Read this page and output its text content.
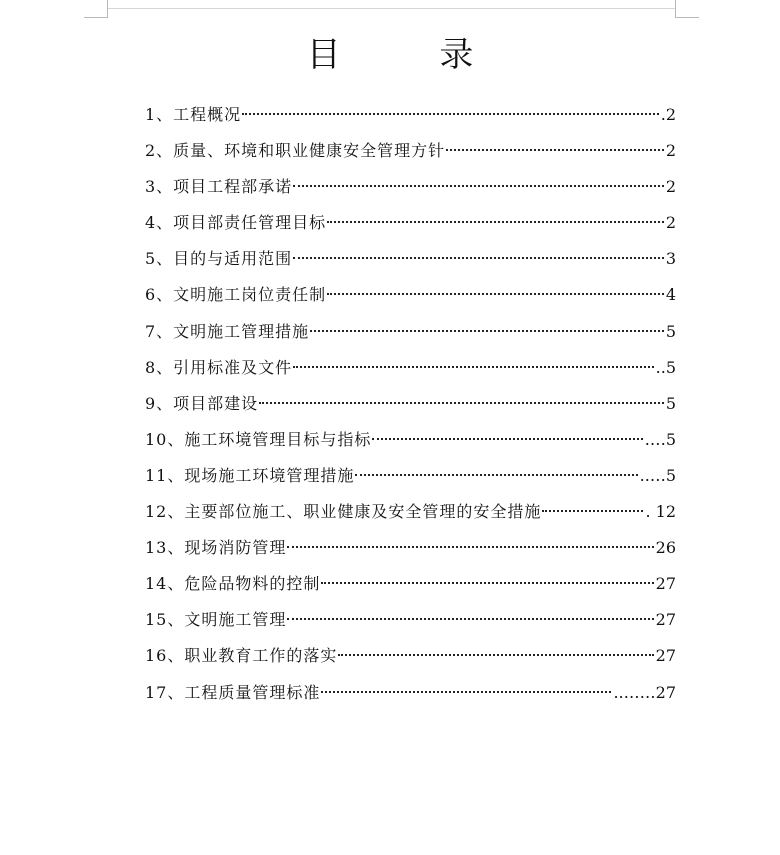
目 录
1、工程概况	.2
2、质量、环境和职业健康安全管理方针	2
3、项目工程部承诺	2
4、项目部责任管理目标	2
5、目的与适用范围	3
6、文明施工岗位责任制	4
7、文明施工管理措施	5
8、引用标准及文件	..5
9、项目部建设	5
10、施工环境管理目标与指标	.…5
11、现场施工环境管理措施	..…5
12、主要部位施工、职业健康及安全管理的安全措施	. 12
13、现场消防管理	26
14、危险品物料的控制	27
15、文明施工管理	27
16、职业教育工作的落实	27
17、工程质量管理标准	..……27
